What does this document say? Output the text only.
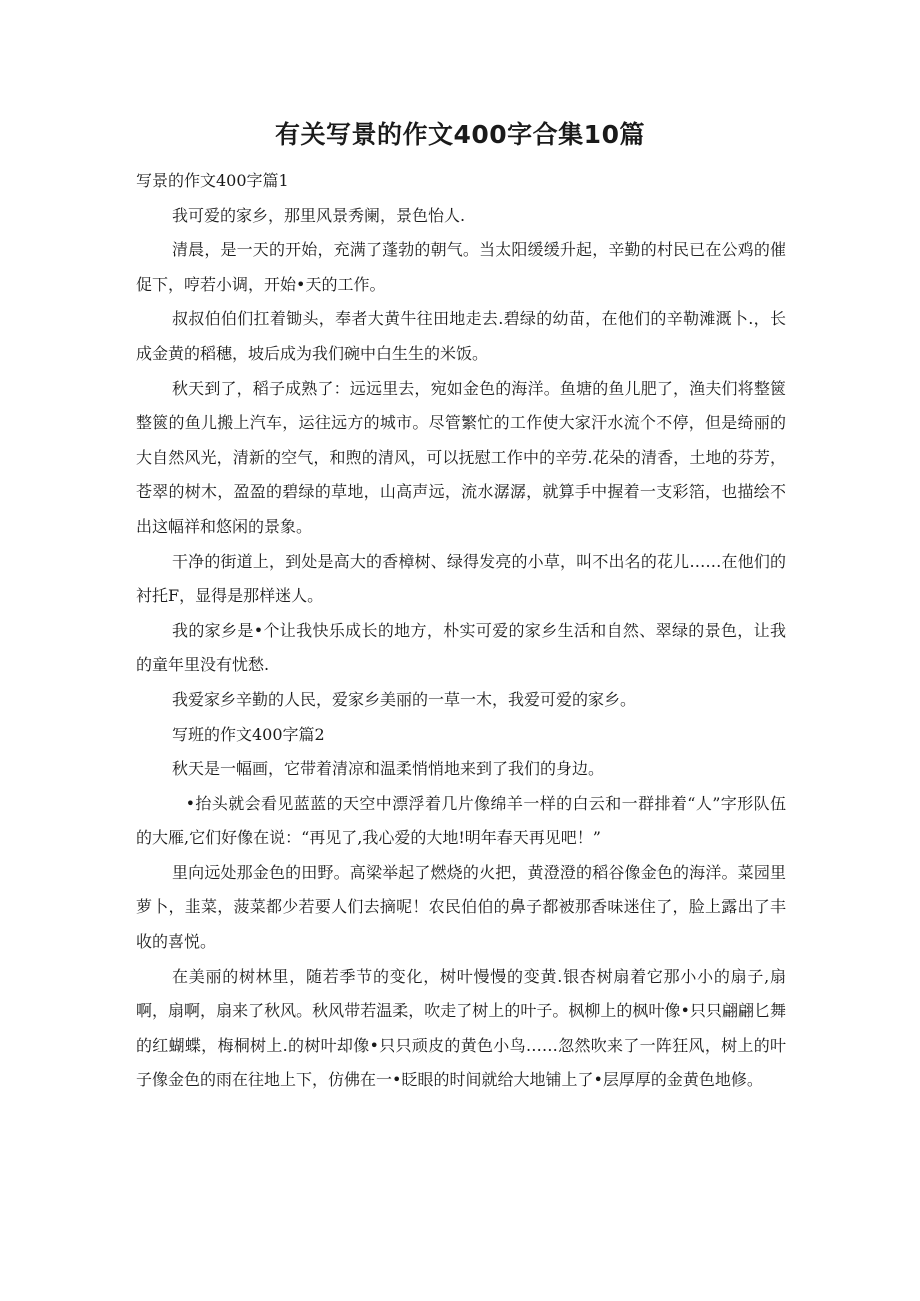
有关写景的作文400字合集10篇

写景的作文400字篇1

我可爱的家乡，那里风景秀阑，景色怡人.

清晨，是一天的开始，充满了蓬勃的朝气。当太阳缓缓升起，辛勤的村民已在公鸡的催促下，哼若小调，开始•天的工作。

叔叔伯伯们扛着锄头，奉者大黄牛往田地走去.碧绿的幼苗，在他们的辛勒滩溉卜.，长成金黄的稻穗，坡后成为我们碗中白生生的米饭。

秋天到了，稻子成熟了：远远里去，宛如金色的海洋。鱼塘的鱼儿肥了，渔夫们将整篋整篋的鱼儿搬上汽车，运往远方的城市。尽管繁忙的工作使大家汗水流个不停，但是绮丽的大自然风光，清新的空气，和煦的清风，可以抚慰工作中的辛劳.花朵的清香，土地的芬芳，苍翠的树木，盈盈的碧绿的草地，山高声远，流水潺潺，就算手中握着一支彩箔，也描绘不出这幅祥和悠闲的景象。

干净的街道上，到处是高大的香樟树、绿得发亮的小草，叫不出名的花儿……在他们的衬托F，显得是那样迷人。

我的家乡是•个让我快乐成长的地方，朴实可爱的家乡生活和自然、翠绿的景色，让我的童年里没有忧愁.

我爱家乡辛勤的人民，爱家乡美丽的一草一木，我爱可爱的家乡。

写班的作文400字篇2

秋天是一幅画，它带着清凉和温柔悄悄地来到了我们的身边。

•抬头就会看见蓝蓝的天空中漂浮着几片像绵羊一样的白云和一群排着“人”字形队伍的大雁,它们好像在说：“再见了,我心爱的大地!明年春天再见吧！”

里向远处那金色的田野。高梁举起了燃烧的火把，黄澄澄的稻谷像金色的海洋。菜园里萝卜，韭菜，菠菜都少若要人们去摘呢！农民伯伯的鼻子都被那香味迷住了，脸上露出了丰收的喜悦。

在美丽的树林里，随若季节的变化，树叶慢慢的变黄.银杏树扇着它那小小的扇子,扇啊，扇啊，扇来了秋风。秋风带若温柔，吹走了树上的叶子。枫柳上的枫叶像•只只翩翩匕舞的红蝴蝶，梅桐树上.的树叶却像•只只顽皮的黄色小鸟……忽然吹来了一阵狂风，树上的叶子像金色的雨在往地上下，仿佛在一•眨眼的时间就给大地铺上了•层厚厚的金黄色地修。
